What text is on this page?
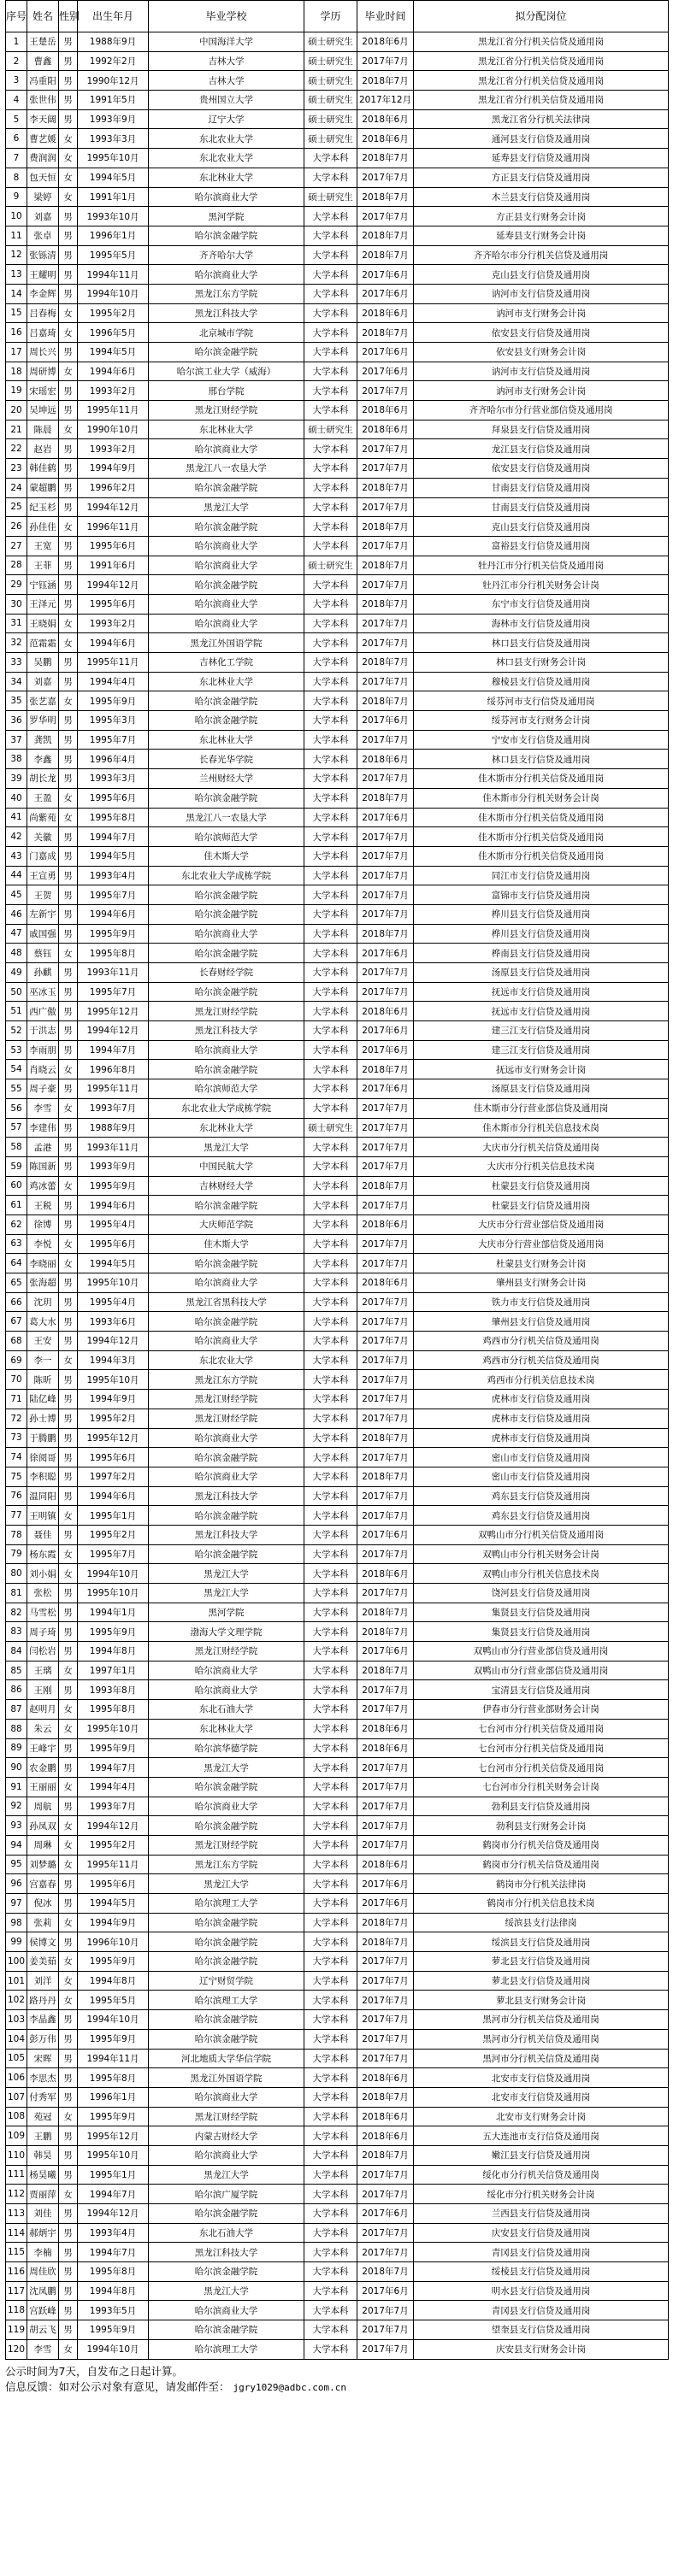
序号	姓名	性别	出生年月	毕业学校	学历	毕业时间	拟分配岗位
1	王楚岳	男	1988年9月	中国海洋大学	硕士研究生	2018年6月	黑龙江省分行机关信贷及通用岗
2	曹鑫	男	1992年2月	吉林大学	硕士研究生	2017年7月	黑龙江省分行机关信贷及通用岗
3	冯重阳	男	1990年12月	吉林大学	硕士研究生	2018年7月	黑龙江省分行机关信贷及通用岗
4	张世伟	男	1991年5月	贵州国立大学	硕士研究生	2017年12月	黑龙江省分行机关信贷及通用岗
5	李天阔	男	1993年9月	辽宁大学	硕士研究生	2018年6月	黑龙江省分行机关法律岗
6	曹艺媛	女	1993年3月	东北农业大学	硕士研究生	2018年6月	通河县支行信贷及通用岗
7	费润润	女	1995年10月	东北农业大学	大学本科	2018年7月	延寿县支行信贷及通用岗
8	包天恒	女	1994年5月	东北林业大学	大学本科	2017年7月	方正县支行信贷及通用岗
9	梁婷	女	1991年1月	哈尔滨商业大学	硕士研究生	2018年7月	木兰县支行信贷及通用岗
10	刘嘉	男	1993年10月	黑河学院	大学本科	2017年7月	方正县支行财务会计岗
11	张卓	男	1996年1月	哈尔滨金融学院	大学本科	2018年7月	延寿县支行财务会计岗
12	张铄清	男	1995年5月	齐齐哈尔大学	大学本科	2018年7月	齐齐哈尔市分行机关信贷及通用岗
13	王耀明	男	1994年11月	哈尔滨商业大学	大学本科	2017年6月	克山县支行信贷及通用岗
14	李金辉	男	1994年10月	黑龙江东方学院	大学本科	2017年6月	讷河市支行信贷及通用岗
15	吕春梅	女	1995年2月	黑龙江科技大学	大学本科	2018年6月	讷河市支行财务会计岗
16	吕嘉琦	女	1996年5月	北京城市学院	大学本科	2018年7月	依安县支行信贷及通用岗
17	周长兴	男	1994年5月	哈尔滨金融学院	大学本科	2017年6月	依安县支行财务会计岗
18	周研博	女	1994年6月	哈尔滨工业大学（威海）	大学本科	2017年6月	讷河市支行信贷及通用岗
19	宋瑶宏	男	1993年2月	邢台学院	大学本科	2017年7月	讷河市支行财务会计岗
20	吴坤远	男	1995年11月	黑龙江财经学院	大学本科	2018年6月	齐齐哈尔市分行营业部信贷及通用岗
21	陈晨	女	1990年10月	东北林业大学	硕士研究生	2018年6月	拜泉县支行信贷及通用岗
22	赵岩	男	1993年2月	哈尔滨商业大学	大学本科	2017年7月	龙江县支行信贷及通用岗
23	韩佳鹤	男	1994年9月	黑龙江八一农垦大学	大学本科	2017年7月	依安县支行信贷及通用岗
24	蒙超鹏	男	1996年2月	哈尔滨金融学院	大学本科	2018年7月	甘南县支行信贷及通用岗
25	纪玉杉	男	1994年12月	黑龙江大学	大学本科	2017年7月	甘南县支行信贷及通用岗
26	孙佳佳	女	1996年11月	哈尔滨金融学院	大学本科	2018年7月	克山县支行信贷及通用岗
27	王宽	男	1995年6月	哈尔滨商业大学	大学本科	2017年7月	富裕县支行信贷及通用岗
28	王菲	男	1991年6月	哈尔滨商业大学	硕士研究生	2018年7月	牡丹江市分行机关信贷及通用岗
29	宁钰涵	男	1994年12月	哈尔滨金融学院	大学本科	2017年7月	牡丹江市分行机关财务会计岗
30	王泽元	男	1995年6月	哈尔滨商业大学	大学本科	2018年7月	东宁市支行信贷及通用岗
31	王晓娟	女	1993年2月	哈尔滨商业大学	大学本科	2017年7月	海林市支行信贷及通用岗
32	范霜霜	女	1994年6月	黑龙江外国语学院	大学本科	2017年7月	林口县支行信贷及通用岗
33	吴鹏	男	1995年11月	吉林化工学院	大学本科	2018年7月	林口县支行财务会计岗
34	刘嘉	男	1994年4月	东北林业大学	大学本科	2017年7月	穆棱县支行信贷及通用岗
35	张艺嘉	女	1995年9月	哈尔滨金融学院	大学本科	2018年7月	绥芬河市支行信贷及通用岗
36	罗华明	男	1995年3月	哈尔滨金融学院	大学本科	2017年6月	绥芬河市支行财务会计岗
37	龚凯	男	1995年7月	东北林业大学	大学本科	2017年7月	宁安市支行信贷及通用岗
38	李鑫	男	1996年4月	长春光华学院	大学本科	2018年6月	林口县支行信贷及通用岗
39	胡长龙	男	1993年3月	兰州财经大学	大学本科	2017年7月	佳木斯市分行机关信贷及通用岗
40	王盈	女	1995年6月	哈尔滨金融学院	大学本科	2018年7月	佳木斯市分行机关财务会计岗
41	尚紫苑	女	1995年8月	黑龙江八一农垦大学	大学本科	2017年6月	佳木斯市分行机关信贷及通用岗
42	关徽	男	1994年7月	哈尔滨师范大学	大学本科	2017年7月	佳木斯市分行机关信贷及通用岗
43	门嘉成	男	1994年5月	佳木斯大学	大学本科	2017年7月	佳木斯市分行机关信贷及通用岗
44	王宣勇	男	1993年4月	东北农业大学成栋学院	大学本科	2017年7月	同江市支行信贷及通用岗
45	王贺	男	1995年7月	哈尔滨金融学院	大学本科	2017年7月	富锦市支行信贷及通用岗
46	左新宇	男	1994年6月	哈尔滨金融学院	大学本科	2017年7月	桦川县支行信贷及通用岗
47	戚国强	男	1995年9月	哈尔滨商业大学	大学本科	2018年7月	桦川县支行信贷及通用岗
48	蔡钰	女	1995年8月	哈尔滨金融学院	大学本科	2017年6月	桦南县支行信贷及通用岗
49	孙麒	男	1993年11月	长春财经学院	大学本科	2017年7月	汤原县支行信贷及通用岗
50	巫冰玉	男	1995年7月	哈尔滨金融学院	大学本科	2017年7月	抚远市支行信贷及通用岗
51	西广傲	男	1995年12月	黑龙江财经学院	大学本科	2018年6月	抚远市支行信贷及通用岗
52	于洪志	男	1994年12月	黑龙江科技大学	大学本科	2017年6月	建三江支行信贷及通用岗
53	李雨朋	男	1994年7月	哈尔滨商业大学	大学本科	2017年6月	建三江支行信贷及通用岗
54	肖晓云	女	1996年8月	哈尔滨金融学院	大学本科	2018年7月	抚远市支行财务会计岗
55	周子豪	男	1995年11月	哈尔滨师范大学	大学本科	2017年6月	汤原县支行信贷及通用岗
56	李雪	女	1993年7月	东北农业大学成栋学院	大学本科	2017年7月	佳木斯市分行营业部信贷及通用岗
57	李建伟	男	1988年9月	东北林业大学	硕士研究生	2017年7月	佳木斯市分行机关信息技术岗
58	孟港	男	1993年11月	黑龙江大学	大学本科	2017年7月	大庆市分行机关信贷及通用岗
59	陈国新	男	1993年9月	中国民航大学	大学本科	2017年7月	大庆市分行机关信息技术岗
60	鸡冰蕾	女	1995年9月	吉林财经大学	大学本科	2018年7月	杜蒙县支行信贷及通用岗
61	王税	男	1994年6月	哈尔滨金融学院	大学本科	2017年7月	杜蒙县支行信贷及通用岗
62	徐博	男	1995年4月	大庆师范学院	大学本科	2018年6月	大庆市分行营业部信贷及通用岗
63	李悦	女	1995年6月	佳木斯大学	大学本科	2017年7月	大庆市分行营业部信贷及通用岗
64	李晓丽	女	1994年5月	哈尔滨金融学院	大学本科	2017年7月	杜蒙县支行财务会计岗
65	张海超	男	1995年10月	哈尔滨商业大学	大学本科	2018年6月	肇州县支行财务会计岗
66	沈玥	男	1995年4月	黑龙江省黑科技大学	大学本科	2017年7月	铁力市支行信贷及通用岗
67	葛大水	男	1993年6月	哈尔滨金融学院	大学本科	2017年7月	肇州县支行信贷及通用岗
68	王安	男	1994年12月	哈尔滨商业大学	大学本科	2017年7月	鸡西市分行机关信贷及通用岗
69	李一	女	1994年3月	东北农业大学	大学本科	2017年7月	鸡西市分行机关信贷及通用岗
70	陈昕	男	1995年10月	黑龙江东方学院	大学本科	2017年7月	鸡西市分行机关信息技术岗
71	陆亿峰	男	1994年9月	黑龙江财经学院	大学本科	2017年7月	虎林市支行信贷及通用岗
72	孙士博	男	1995年2月	黑龙江财经学院	大学本科	2017年7月	虎林市支行信贷及通用岗
73	于腾鹏	男	1995年12月	哈尔滨商业大学	大学本科	2018年7月	虎林市支行信贷及通用岗
74	徐阅哥	男	1995年6月	哈尔滨金融学院	大学本科	2017年7月	密山市支行信贷及通用岗
75	李积聪	男	1997年2月	哈尔滨商业大学	大学本科	2018年7月	密山市支行信贷及通用岗
76	温同阳	男	1994年6月	黑龙江科技大学	大学本科	2017年7月	鸡东县支行信贷及通用岗
77	王明镇	女	1995年1月	哈尔滨金融学院	大学本科	2017年7月	鸡东县支行信贷及通用岗
78	聂佳	男	1995年2月	黑龙江科技大学	大学本科	2017年6月	双鸭山市分行机关信贷及通用岗
79	杨东霞	女	1995年7月	哈尔滨金融学院	大学本科	2017年7月	双鸭山市分行机关财务会计岗
80	刘小娟	女	1994年10月	黑龙江大学	大学本科	2018年6月	双鸭山市分行机关信息技术岗
81	张松	男	1995年10月	黑龙江大学	大学本科	2017年7月	饶河县支行信贷及通用岗
82	马雪松	男	1994年1月	黑河学院	大学本科	2018年7月	集贤县支行信贷及通用岗
83	周子琦	男	1995年9月	渤海大学文理学院	大学本科	2018年7月	集贤县支行信贷及通用岗
84	闫松岩	男	1994年8月	黑龙江财经学院	大学本科	2017年6月	双鸭山市分行营业部信贷及通用岗
85	王璃	女	1997年1月	哈尔滨商业大学	大学本科	2018年7月	双鸭山市分行营业部信贷及通用岗
86	王刚	男	1993年8月	哈尔滨商业大学	大学本科	2017年7月	宝清县支行信贷及通用岗
87	赵明月	女	1995年8月	东北石油大学	大学本科	2017年7月	伊春市分行营业部财务会计岗
88	朱云	女	1995年10月	东北林业大学	大学本科	2018年6月	七台河市分行机关信贷及通用岗
89	王峰宇	男	1995年9月	哈尔滨华德学院	大学本科	2018年6月	七台河市分行机关信贷及通用岗
90	农金鹏	男	1994年7月	黑龙江大学	大学本科	2017年7月	七台河市分行机关信贷及通用岗
91	王丽丽	女	1994年4月	哈尔滨金融学院	大学本科	2017年7月	七台河市分行机关财务会计岗
92	周航	男	1993年7月	哈尔滨商业大学	大学本科	2017年7月	勃利县支行信贷及通用岗
93	孙凤双	女	1994年12月	哈尔滨金融学院	大学本科	2017年7月	勃利县支行财务会计岗
94	周琳	女	1995年2月	黑龙江财经学院	大学本科	2017年7月	鹤岗市分行机关信贷及通用岗
95	刘梦璐	女	1995年11月	黑龙江东方学院	大学本科	2018年6月	鹤岗市分行机关信贷及通用岗
96	宫嘉春	男	1995年6月	黑龙江大学	大学本科	2017年6月	鹤岗市分行机关法律岗
97	倪冰	男	1994年5月	哈尔滨理工大学	大学本科	2017年6月	鹤岗市分行机关信息技术岗
98	张莉	女	1994年9月	哈尔滨金融学院	大学本科	2018年7月	绥滨县支行法律岗
99	侯博文	男	1996年10月	哈尔滨金融学院	大学本科	2018年7月	绥滨县支行信贷及通用岗
100	姜美茹	女	1995年9月	哈尔滨金融学院	大学本科	2017年7月	萝北县支行信贷及通用岗
101	刘洋	女	1994年8月	辽宁财贸学院	大学本科	2017年7月	萝北县支行信贷及通用岗
102	路丹丹	女	1995年5月	哈尔滨理工大学	大学本科	2017年7月	萝北县支行财务会计岗
103	李晶鑫	男	1994年10月	哈尔滨金融学院	大学本科	2017年7月	黑河市分行机关信贷及通用岗
104	彭万伟	男	1995年9月	哈尔滨金融学院	大学本科	2017年7月	黑河市分行机关信贷及通用岗
105	宋晖	男	1994年11月	河北地质大学华信学院	大学本科	2017年7月	黑河市分行机关信贷及通用岗
106	李思杰	男	1995年8月	黑龙江外国语学院	大学本科	2018年6月	北安市支行信贷及通用岗
107	付秀军	男	1996年1月	哈尔滨商业大学	大学本科	2018年7月	北安市支行信贷及通用岗
108	苑冠	女	1995年9月	黑龙江财经学院	大学本科	2018年6月	北安市支行财务会计岗
109	王鹏	男	1995年12月	内蒙古财经大学	大学本科	2018年6月	五大连池市支行信贷及通用岗
110	韩昊	男	1995年10月	哈尔滨商业大学	大学本科	2018年7月	嫩江县支行信贷及通用岗
111	杨昊曦	男	1995年1月	黑龙江大学	大学本科	2017年7月	绥化市分行机关信贷及通用岗
112	贾丽萍	女	1994年7月	哈尔滨广厦学院	大学本科	2017年7月	绥化市分行机关财务会计岗
113	刘佳	男	1994年12月	哈尔滨金融学院	大学本科	2017年6月	兰西县支行信贷及通用岗
114	郝炳宇	男	1993年4月	东北石油大学	大学本科	2017年7月	庆安县支行信贷及通用岗
115	李楠	男	1994年7月	黑龙江科技大学	大学本科	2017年7月	青冈县支行信贷及通用岗
116	周佳欣	男	1995年8月	哈尔滨金融学院	大学本科	2018年7月	绥棱县支行信贷及通用岗
117	沈凤鹏	男	1994年8月	黑龙江大学	大学本科	2017年6月	明水县支行信贷及通用岗
118	宫跃峰	男	1993年5月	哈尔滨商业大学	大学本科	2017年7月	青冈县支行信贷及通用岗
119	胡云飞	男	1995年9月	哈尔滨金融学院	大学本科	2017年7月	望奎县支行信贷及通用岗
120	李雪	女	1994年10月	哈尔滨理工大学	大学本科	2017年7月	庆安县支行财务会计岗
公示时间为7天，自发布之日起计算。
信息反馈：如对公示对象有意见，请发邮件至： jgry1029@adbc.com.cn
